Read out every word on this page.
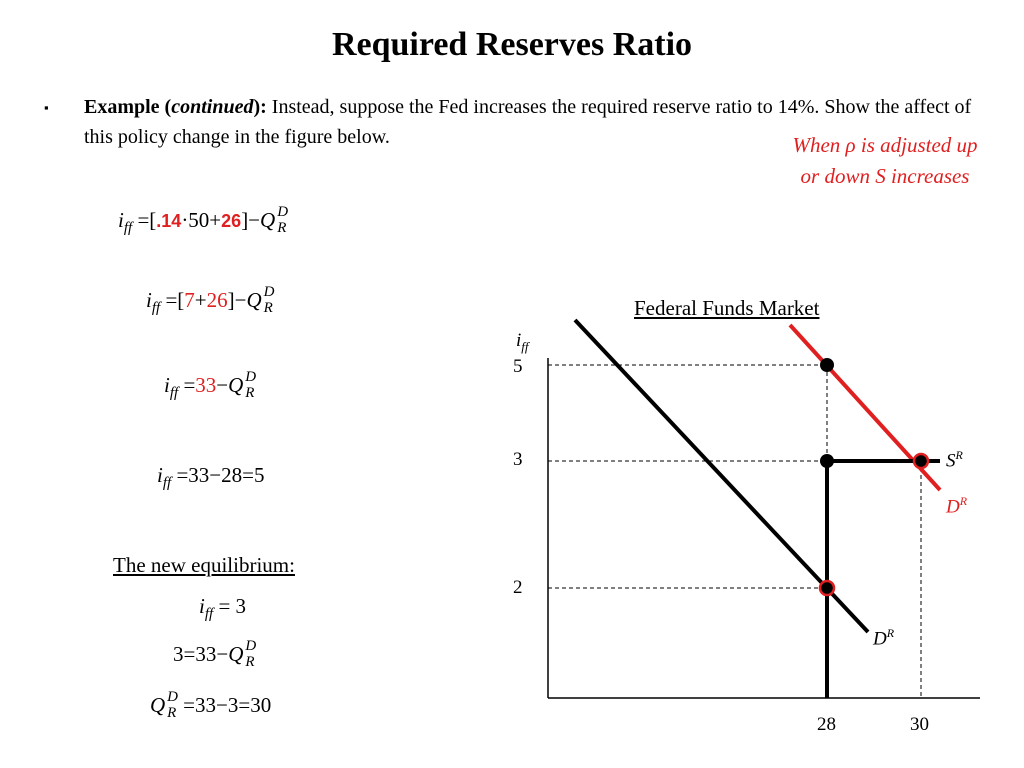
Required Reserves Ratio
▪ Example (continued): Instead, suppose the Fed increases the required reserve ratio to 14%. Show the affect of this policy change in the figure below.	When ρ is adjusted up or down S increases
$i_{ff} =[.14\cdot 50+26]-Q$ D
R
$i_{ff} =[7+26]-Q$ D
R
$i_{ff} =33-Q$ D
R
$i_{ff} =33-28=5$
The new equilibrium:
$i_{ff} = 3$
3=33−Q D
R
Q D
R =33−3=30
Federal Funds Market
$i_{ff}$
5
3
2
28	30
$S^R$
$D^R$
$D^R$
